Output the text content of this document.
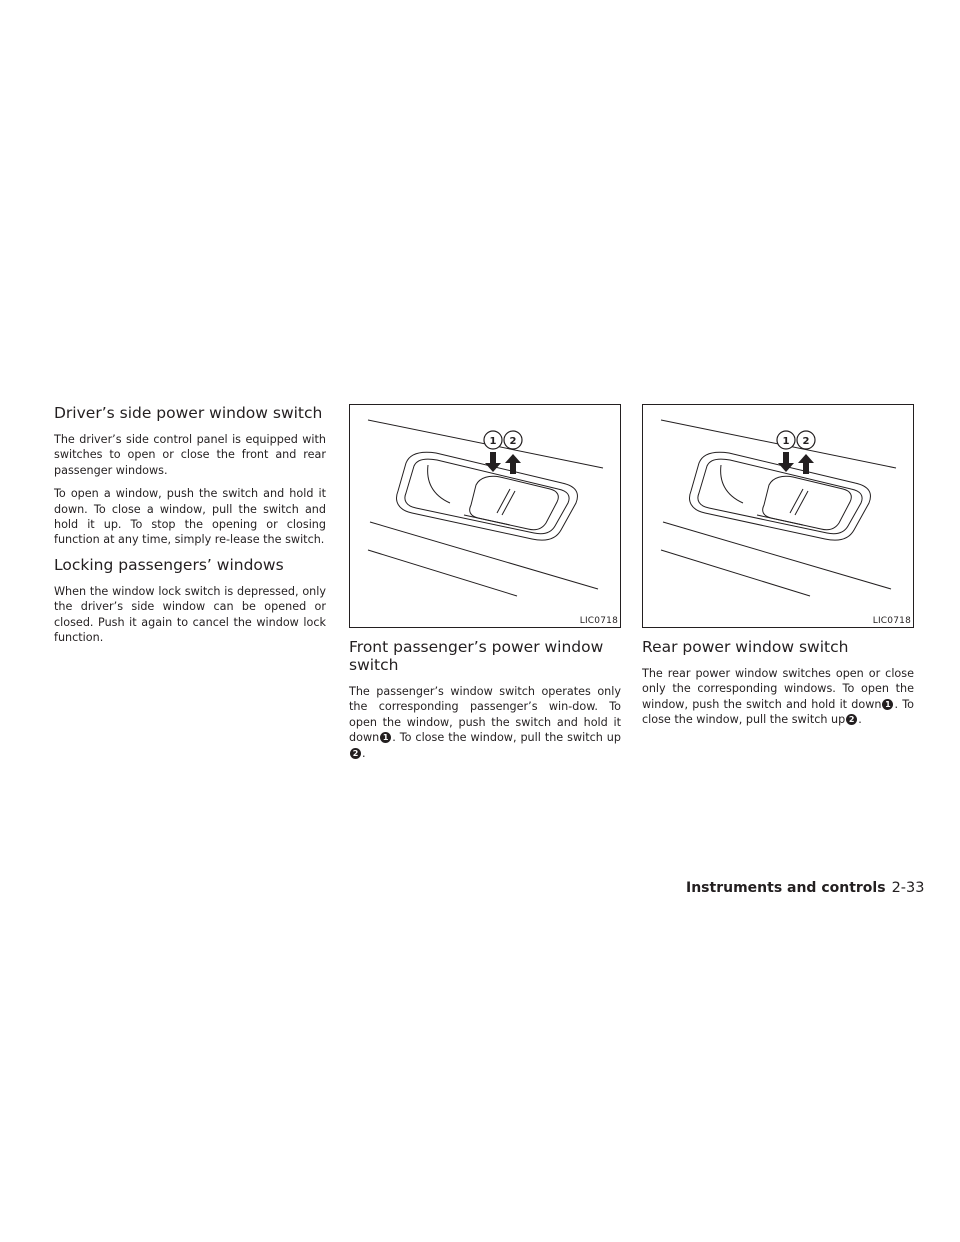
Driver’s side power window switch

The driver’s side control panel is equipped with switches to open or close the front and rear passenger windows.

To open a window, push the switch and hold it down. To close a window, pull the switch and hold it up. To stop the opening or closing function at any time, simply re-lease the switch.

Locking passengers’ windows

When the window lock switch is depressed, only the driver’s side window can be opened or closed. Push it again to cancel the window lock function.

1 2
LIC0718
Front passenger’s power window switch

The passenger’s window switch operates only the corresponding passenger’s win-dow. To open the window, push the switch and hold it down 1 . To close the window, pull the switch up2 .

1 2
LIC0718
Rear power window switch

The rear power window switches open or close only the corresponding windows. To open the window, push the switch and hold it down 1 . To close the window, pull the switch up 2 .

Instruments and controls 2-33
